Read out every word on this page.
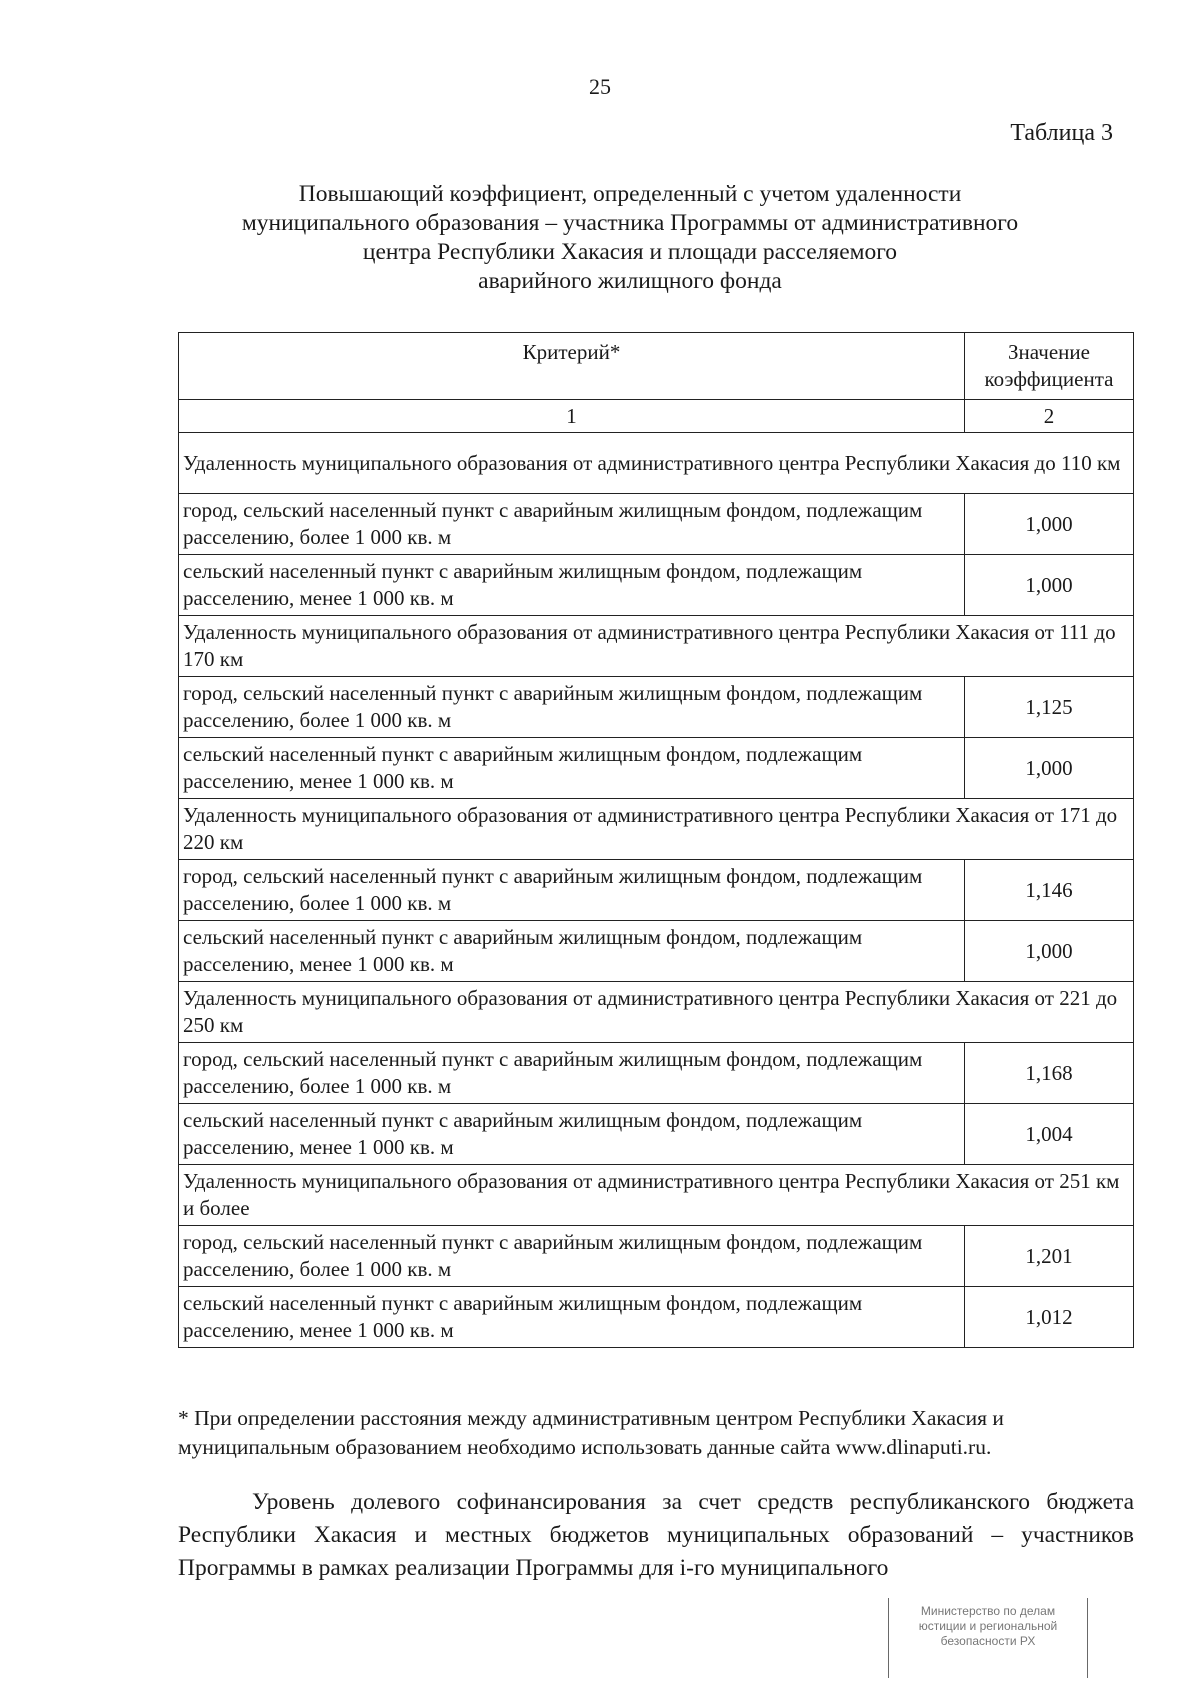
25
Таблица 3
Повышающий коэффициент, определенный с учетом удаленности
муниципального образования – участника Программы от административного
центра Республики Хакасия и площади расселяемого
аварийного жилищного фонда
Критерий*	Значение коэффициента
1	2
Удаленность муниципального образования от административного центра Республики Хакасия до 110 км	
город, сельский населенный пункт с аварийным жилищным фондом, подлежащим расселению, более 1 000 кв. м	1,000
сельский населенный пункт с аварийным жилищным фондом, подлежащим расселению, менее 1 000 кв. м	1,000
Удаленность муниципального образования от административного центра Республики Хакасия от 111 до 170 км	
город, сельский населенный пункт с аварийным жилищным фондом, подлежащим расселению, более 1 000 кв. м	1,125
сельский населенный пункт с аварийным жилищным фондом, подлежащим расселению, менее 1 000 кв. м	1,000
Удаленность муниципального образования от административного центра Республики Хакасия от 171 до 220 км	
город, сельский населенный пункт с аварийным жилищным фондом, подлежащим расселению, более 1 000 кв. м	1,146
сельский населенный пункт с аварийным жилищным фондом, подлежащим расселению, менее 1 000 кв. м	1,000
Удаленность муниципального образования от административного центра Республики Хакасия от 221 до 250 км	
город, сельский населенный пункт с аварийным жилищным фондом, подлежащим расселению, более 1 000 кв. м	1,168
сельский населенный пункт с аварийным жилищным фондом, подлежащим расселению, менее 1 000 кв. м	1,004
Удаленность муниципального образования от административного центра Республики Хакасия от 251 км и более	
город, сельский населенный пункт с аварийным жилищным фондом, подлежащим расселению, более 1 000 кв. м	1,201
сельский населенный пункт с аварийным жилищным фондом, подлежащим расселению, менее 1 000 кв. м	1,012
* При определении расстояния между административным центром Республики Хакасия и муниципальным образованием необходимо использовать данные сайта www.dlinaputi.ru.
Уровень долевого софинансирования за счет средств республиканского бюджета Республики Хакасия и местных бюджетов муниципальных образований – участников Программы в рамках реализации Программы для i-го муниципального
Министерство по делам
юстиции и региональной
безопасности РХ
